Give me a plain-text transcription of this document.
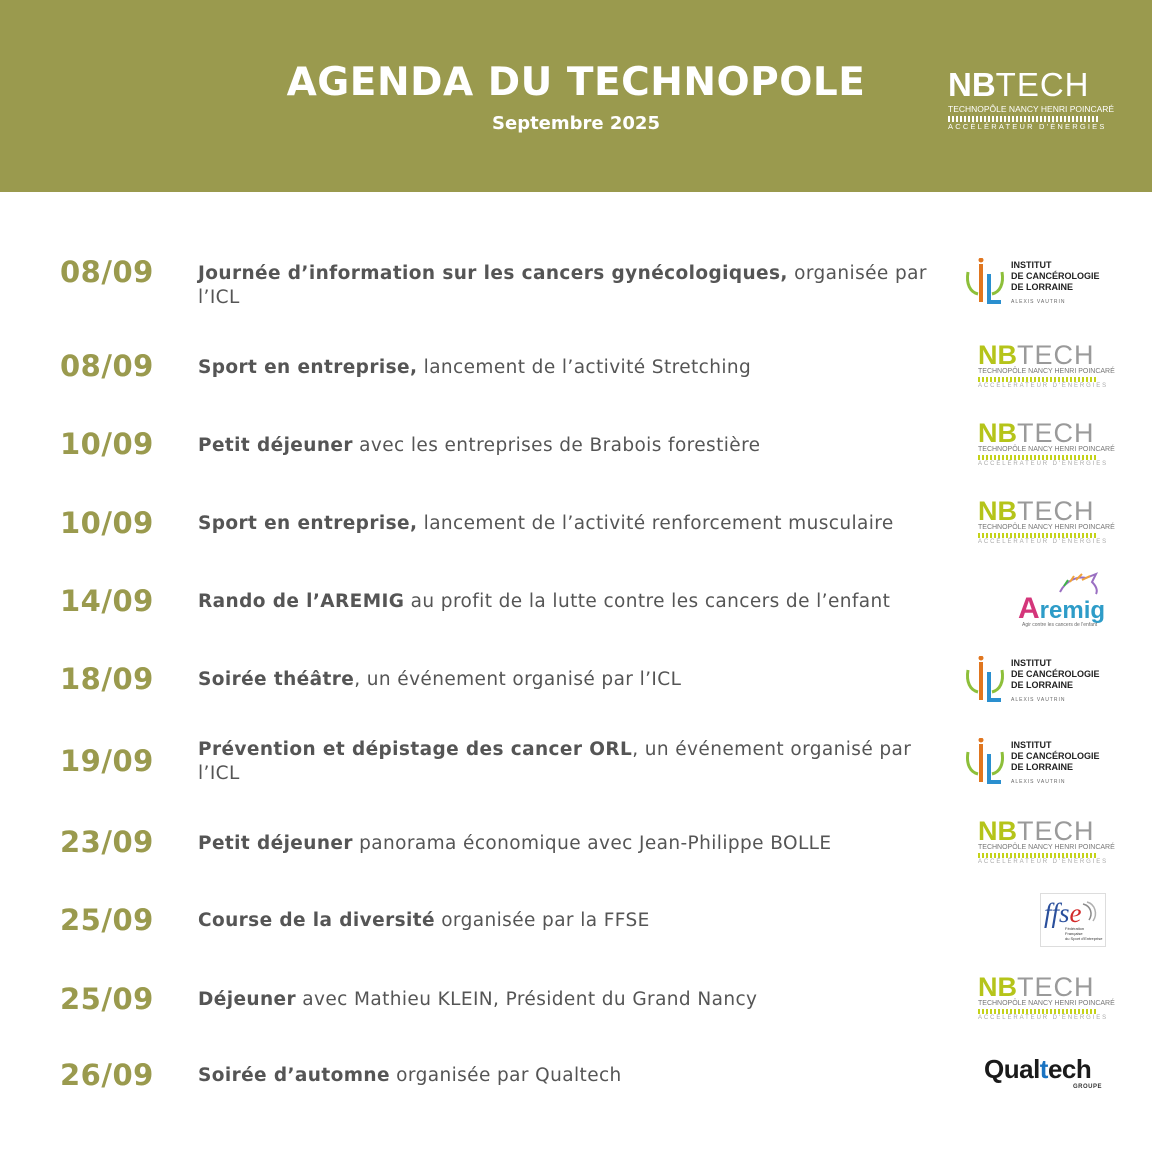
AGENDA DU TECHNOPOLE
Septembre 2025
NBTECH
TECHNOPÔLE NANCY HENRI POINCARÉ
ACCÉLÉRATEUR D'ÉNERGIES
08/09	Journée d’information sur les cancers gynécologiques, organisée par l’ICL
INSTITUT
DE CANCÉROLOGIE
DE LORRAINE
ALEXIS VAUTRIN
08/09	Sport en entreprise, lancement de l’activité Stretching	NBTECH
TECHNOPÔLE NANCY HENRI POINCARÉ
ACCÉLÉRATEUR D'ÉNERGIES
10/09	Petit déjeuner avec les entreprises de Brabois forestière	NBTECH
TECHNOPÔLE NANCY HENRI POINCARÉ
ACCÉLÉRATEUR D'ÉNERGIES
10/09	Sport en entreprise, lancement de l’activité renforcement musculaire	NBTECH
TECHNOPÔLE NANCY HENRI POINCARÉ
ACCÉLÉRATEUR D'ÉNERGIES
14/09	Rando de l’AREMIG au profit de la lutte contre les cancers de l’enfant	Aremig
Agir contre les cancers de l'enfant
18/09	Soirée théâtre, un événement organisé par l’ICL
INSTITUT
DE CANCÉROLOGIE
DE LORRAINE
ALEXIS VAUTRIN
19/09	Prévention et dépistage des cancer ORL, un événement organisé par l’ICL
INSTITUT
DE CANCÉROLOGIE
DE LORRAINE
ALEXIS VAUTRIN
23/09	Petit déjeuner panorama économique avec Jean-Philippe BOLLE	NBTECH
TECHNOPÔLE NANCY HENRI POINCARÉ
ACCÉLÉRATEUR D'ÉNERGIES
25/09	Course de la diversité organisée par la FFSE	ffse
Fédération
Française
du Sport d'Entreprise
25/09	Déjeuner avec Mathieu KLEIN, Président du Grand Nancy	NBTECH
TECHNOPÔLE NANCY HENRI POINCARÉ
ACCÉLÉRATEUR D'ÉNERGIES
26/09	Soirée d’automne organisée par Qualtech	Qualtech
GROUPE
